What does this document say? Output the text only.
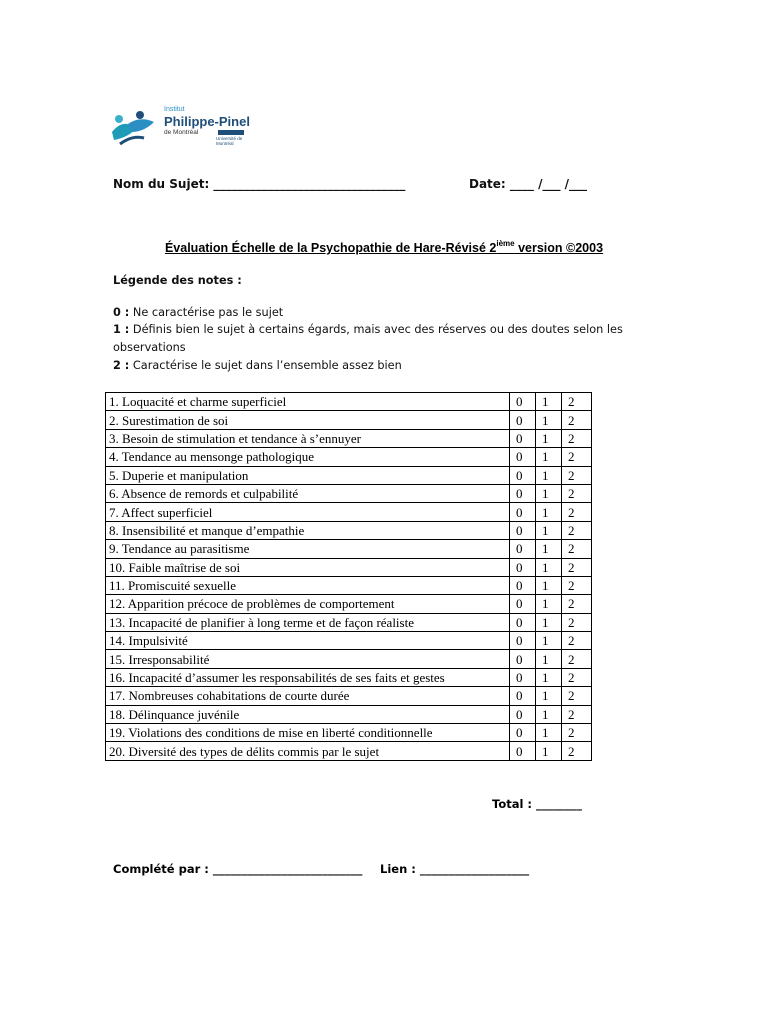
Institut
Philippe-Pinel
de Montréal
Université de Montréal
Nom du Sujet: ________________________________	Date: ____ /___ /___
Évaluation Échelle de la Psychopathie de Hare-Révisé 2ième version ©2003
Légende des notes :
0 : Ne caractérise pas le sujet
1 : Définis bien le sujet à certains égards, mais avec des réserves ou des doutes selon les
observations
2 : Caractérise le sujet dans l’ensemble assez bien
1. Loquacité et charme superficiel	0	1	2
2. Surestimation de soi	0	1	2
3. Besoin de stimulation et tendance à s’ennuyer	0	1	2
4. Tendance au mensonge pathologique	0	1	2
5. Duperie et manipulation	0	1	2
6. Absence de remords et culpabilité	0	1	2
7. Affect superficiel	0	1	2
8. Insensibilité et manque d’empathie	0	1	2
9. Tendance au parasitisme	0	1	2
10. Faible maîtrise de soi	0	1	2
11. Promiscuité sexuelle	0	1	2
12. Apparition précoce de problèmes de comportement	0	1	2
13. Incapacité de planifier à long terme et de façon réaliste	0	1	2
14. Impulsivité	0	1	2
15. Irresponsabilité	0	1	2
16. Incapacité d’assumer les responsabilités de ses faits et gestes	0	1	2
17. Nombreuses cohabitations de courte durée	0	1	2
18. Délinquance juvénile	0	1	2
19. Violations des conditions de mise en liberté conditionnelle	0	1	2
20. Diversité des types de délits commis par le sujet	0	1	2
Total : ________
Complété par : __________________________ Lien : ___________________
